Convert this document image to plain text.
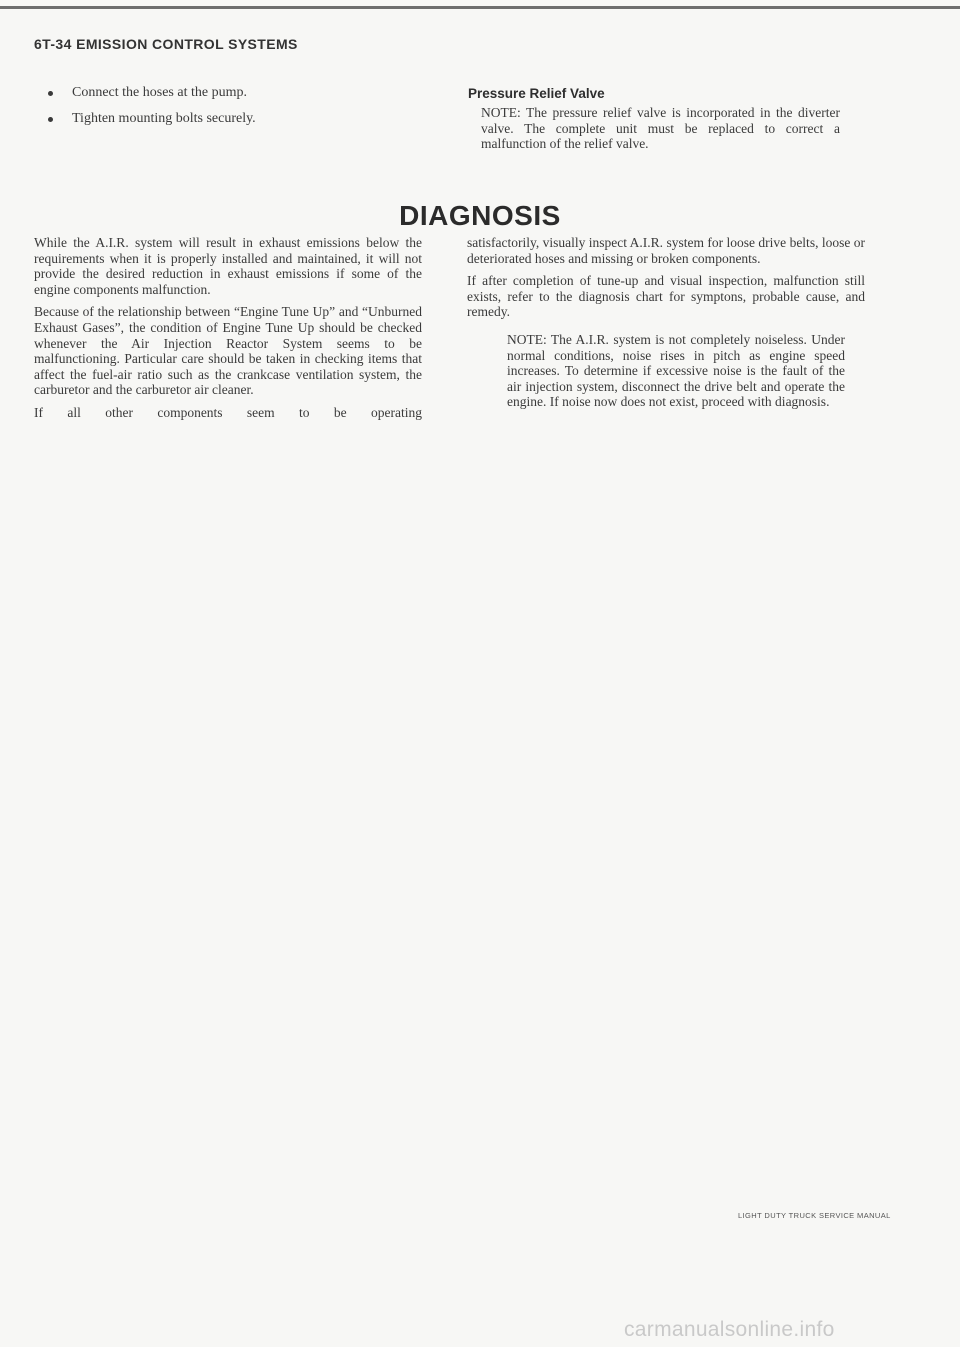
6T-34 EMISSION CONTROL SYSTEMS
Connect the hoses at the pump.
Tighten mounting bolts securely.
Pressure Relief Valve

NOTE: The pressure relief valve is incorporated in the diverter valve. The complete unit must be replaced to correct a malfunction of the relief valve.

DIAGNOSIS

While the A.I.R. system will result in exhaust emissions below the requirements when it is properly installed and maintained, it will not provide the desired reduction in exhaust emissions if some of the engine components malfunction.

Because of the relationship between “Engine Tune Up” and “Unburned Exhaust Gases”, the condition of Engine Tune Up should be checked whenever the Air Injection Reactor System seems to be malfunctioning. Particular care should be taken in checking items that affect the fuel-air ratio such as the crankcase ventilation system, the carburetor and the carburetor air cleaner.

If all other components seem to be operating

satisfactorily, visually inspect A.I.R. system for loose drive belts, loose or deteriorated hoses and missing or broken components.

If after completion of tune-up and visual inspection, malfunction still exists, refer to the diagnosis chart for symptons, probable cause, and remedy.

NOTE: The A.I.R. system is not completely noiseless. Under normal conditions, noise rises in pitch as engine speed increases. To determine if excessive noise is the fault of the air injection system, disconnect the drive belt and operate the engine. If noise now does not exist, proceed with diagnosis.

LIGHT DUTY TRUCK SERVICE MANUAL
carmanualsonline.info
